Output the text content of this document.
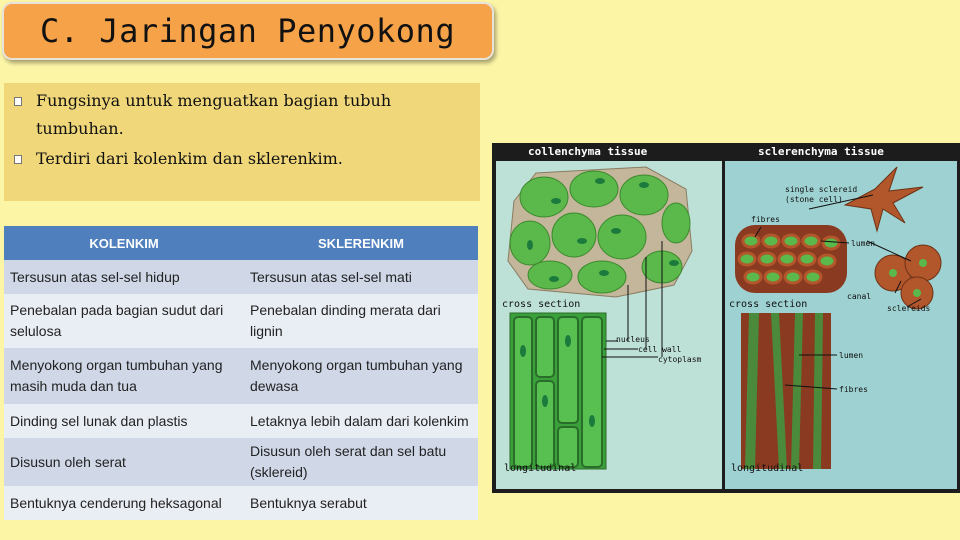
C. Jaringan Penyokong
Fungsinya untuk menguatkan bagian tubuh tumbuhan.
Terdiri dari kolenkim dan sklerenkim.
KOLENKIM	SKLERENKIM
Tersusun atas sel-sel hidup	Tersusun atas sel-sel mati
Penebalan pada bagian sudut dari selulosa	Penebalan dinding merata dari lignin
Menyokong organ tumbuhan yang masih muda dan tua	Menyokong organ tumbuhan yang dewasa
Dinding sel lunak dan plastis	Letaknya lebih dalam dari kolenkim
Disusun oleh serat	Disusun oleh serat dan sel batu (sklereid)
Bentuknya cenderung heksagonal	Bentuknya serabut
collenchyma tissue	sclerenchyma tissue
cross section
nucleus
cell wall
cytoplasm
longitudinal
single sclereid
(stone cell)
fibres
lumen
canal
sclereids
cross section
lumen
fibres
longitudinal
